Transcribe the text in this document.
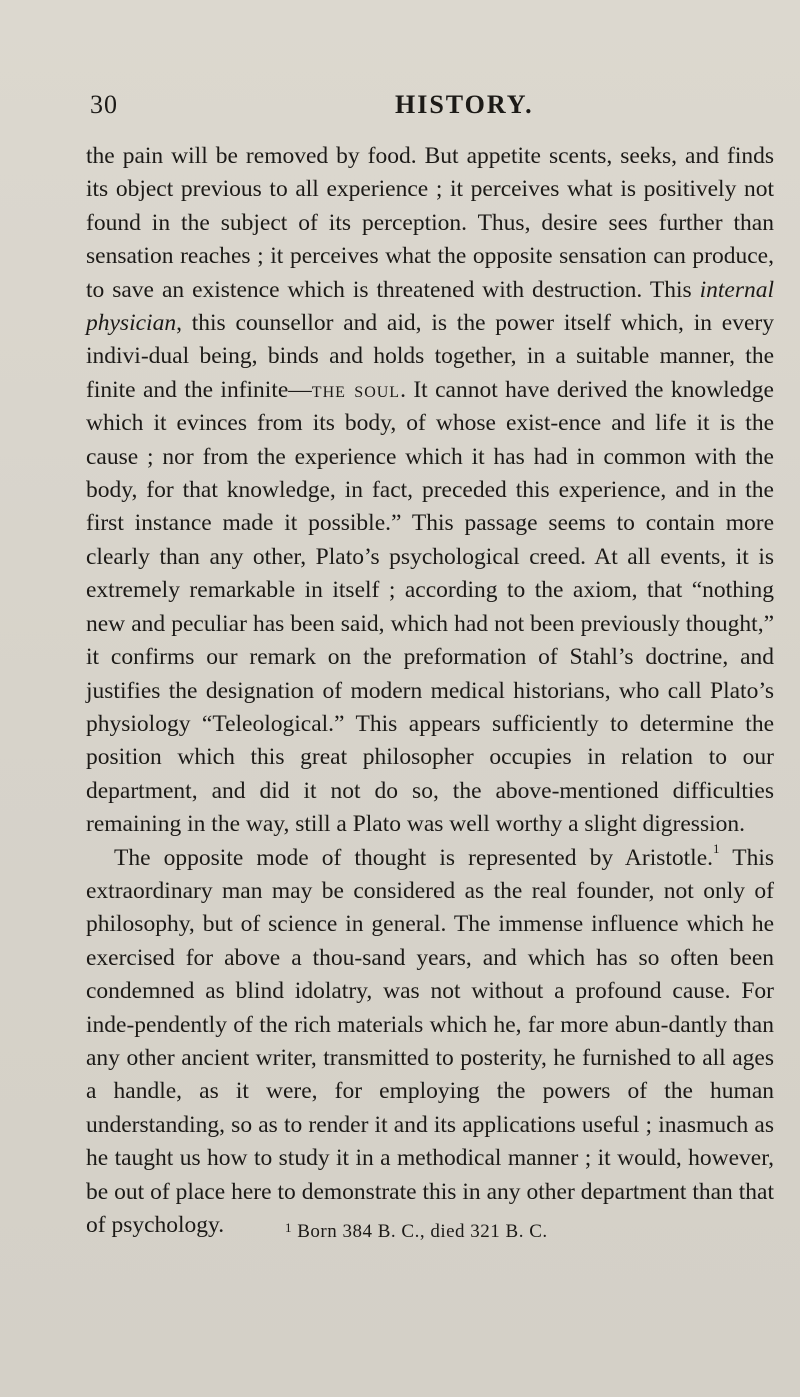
30	HISTORY.

the pain will be removed by food. But appetite scents, seeks, and finds its object previous to all experience ; it perceives what is positively not found in the subject of its perception. Thus, desire sees further than sensation reaches ; it perceives what the opposite sensation can produce, to save an existence which is threatened with destruction. This internal physician, this counsellor and aid, is the power itself which, in every indivi-dual being, binds and holds together, in a suitable manner, the finite and the infinite—the soul. It cannot have derived the knowledge which it evinces from its body, of whose exist-ence and life it is the cause ; nor from the experience which it has had in common with the body, for that knowledge, in fact, preceded this experience, and in the first instance made it possible.” This passage seems to contain more clearly than any other, Plato’s psychological creed. At all events, it is extremely remarkable in itself ; according to the axiom, that “nothing new and peculiar has been said, which had not been previously thought,” it confirms our remark on the preformation of Stahl’s doctrine, and justifies the designation of modern medical historians, who call Plato’s physiology “Teleological.” This appears sufficiently to determine the position which this great philosopher occupies in relation to our department, and did it not do so, the above-mentioned difficulties remaining in the way, still a Plato was well worthy a slight digression.

The opposite mode of thought is represented by Aristotle.$^1$ This extraordinary man may be considered as the real founder, not only of philosophy, but of science in general. The immense influence which he exercised for above a thou-sand years, and which has so often been condemned as blind idolatry, was not without a profound cause. For inde-pendently of the rich materials which he, far more abun-dantly than any other ancient writer, transmitted to posterity, he furnished to all ages a handle, as it were, for employing the powers of the human understanding, so as to render it and its applications useful ; inasmuch as he taught us how to study it in a methodical manner ; it would, however, be out of place here to demonstrate this in any other department than that of psychology.	$^1$ Born 384 B. C., died 321 B. C.
